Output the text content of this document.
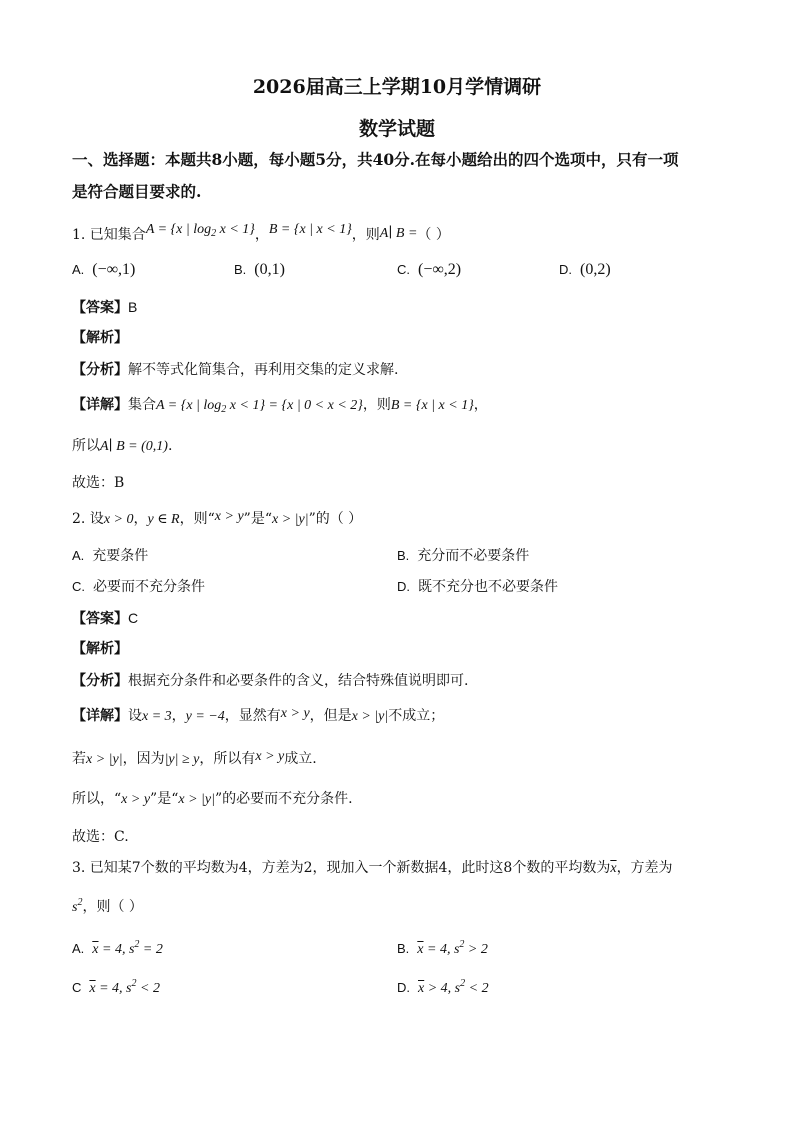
2026届高三上学期10月学情调研
数学试题
一、选择题：本题共8小题，每小题5分，共40分.在每小题给出的四个选项中，只有一项
是符合题目要求的.
1. 已知集合A = {x | $\log_2 x < 1$}，B = {x | x < 1}，则A∣ B =（ ）
A. (−∞,1)	B. (0,1)	C. (−∞,2)	D. (0,2)
【答案】B
【解析】
【分析】解不等式化简集合，再利用交集的定义求解.
【详解】集合A = {x | $\log_2 x < 1\} = \{x$ | 0 < x < 2}，则B = {x | x < 1}，
所以A∣ B = (0,1).
故选：B
2. 设x > 0，y ∈ R，则“x > y”是“x > |y|”的（ ）
A. 充要条件	B. 充分而不必要条件
C. 必要而不充分条件	D. 既不充分也不必要条件
【答案】C
【解析】
【分析】根据充分条件和必要条件的含义，结合特殊值说明即可.
【详解】设x = 3，y = −4，显然有x > y，但是x > |y|不成立；
若x > |y|，因为|y| ≥ y，所以有x > y成立.
所以，“x > y”是“x > |y|”的必要而不充分条件.
故选：C.
3. 已知某7个数的平均数为4，方差为2，现加入一个新数据4，此时这8个数的平均数为$\overline{x}$，方差为
$s^2$，则（ ）
A. $\overline{x} = 4$, $s^2 = 2$	B. $\overline{x} = 4$, $s^2 > 2$
C $\overline{x} = 4$, $s^2 < 2$	D. $\overline{x} > 4$, $s^2 < 2$
